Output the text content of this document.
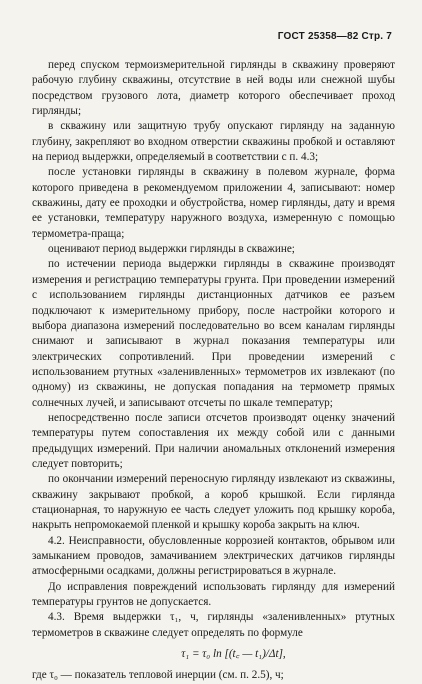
ГОСТ 25358—82 Стр. 7

перед спуском термоизмерительной гирлянды в скважину проверяют рабочую глубину скважины, отсутствие в ней воды или снежной шубы посредством грузового лота, диаметр которого обеспечивает проход гирлянды;

в скважину или защитную трубу опускают гирлянду на заданную глубину, закрепляют во входном отверстии скважины пробкой и оставляют на период выдержки, определяемый в соответствии с п. 4.3;

после установки гирлянды в скважину в полевом журнале, форма которого приведена в рекомендуемом приложении 4, записывают: номер скважины, дату ее проходки и обустройства, номер гирлянды, дату и время ее установки, температуру наружного воздуха, измеренную с помощью термометра-праща;

оценивают период выдержки гирлянды в скважине;

по истечении периода выдержки гирлянды в скважине производят измерения и регистрацию температуры грунта. При проведении измерений с использованием гирлянды дистанционных датчиков ее разъем подключают к измерительному прибору, после настройки которого и выбора диапазона измерений последовательно во всем каналам гирлянды снимают и записывают в журнал показания температуры или электрических сопротивлений. При проведении измерений с использованием ртутных «заленивленных» термометров их извлекают (по одному) из скважины, не допуская попадания на термометр прямых солнечных лучей, и записывают отсчеты по шкале температур;

непосредственно после записи отсчетов производят оценку значений температуры путем сопоставления их между собой или с данными предыдущих измерений. При наличии аномальных отклонений измерения следует повторить;

по окончании измерений переносную гирлянду извлекают из скважины, скважину закрывают пробкой, а короб крышкой. Если гирлянда стационарная, то наружную ее часть следует уложить под крышку короба, накрыть непромокаемой пленкой и крышку короба закрыть на ключ.

4.2. Неисправности, обусловленные коррозией контактов, обрывом или замыканием проводов, замачиванием электрических датчиков гирлянды атмосферными осадками, должны регистрироваться в журнале.

До исправления повреждений использовать гирлянду для измерений температуры грунтов не допускается.

4.3. Время выдержки τ₁, ч, гирлянды «заленивленных» ртутных термометров в скважине следует определять по формуле

τ₁ = τ₀ ln [(t꜀ — t₁)/Δt],

где τ₀ — показатель тепловой инерции (см. п. 2.5), ч;
